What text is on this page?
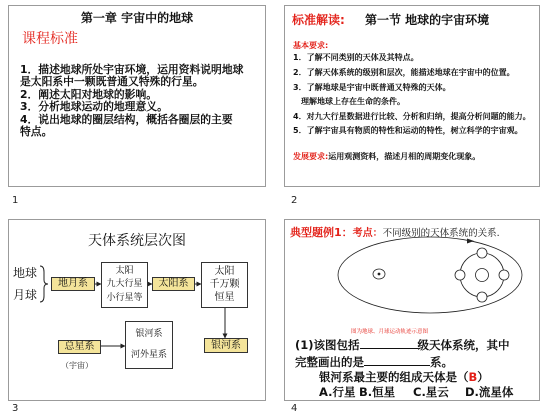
第一章 宇宙中的地球
课程标准
1．描述地球所处宇宙环境，运用资料说明地球
是太阳系中一颗既普通又特殊的行星。
2．阐述太阳对地球的影响。
3．分析地球运动的地理意义。
4．说出地球的圈层结构，概括各圈层的主要
特点。
1
标准解读: 第一节 地球的宇宙环境
基本要求:
1．了解不同类别的天体及其特点。
2．了解天体系统的级别和层次，能描述地球在宇宙中的位置。
3．了解地球是宇宙中既普通又特殊的天体。
理解地球上存在生命的条件。
4．对九大行星数据进行比较、分析和归纳，提高分析问题的能力。
5．了解宇宙具有物质的特性和运动的特性，树立科学的宇宙观。
发展要求:运用观测资料，描述月相的周期变化现象。
2
天体系统层次图
地球
月球
地月系
太阳
九大行星
小行星等
太阳系
太阳
千万颗
恒星
银河系
总星系
（宇宙）
银河系
河外星系
3
典型题例1：考点：不同级别的天体系统的关系.
图为地球、月球运动轨迹示意图
(1)该图包括	级天体系统，其中
完整画出的是	系。
银河系最主要的组成天体是（B）
A.行星 B.恒星 C.星云 D.流星体
4
